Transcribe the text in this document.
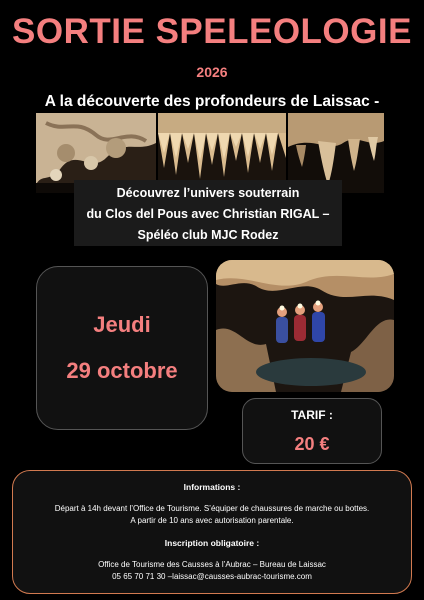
SORTIE SPELEOLOGIE
2026
A la découverte des profondeurs de Laissac -
Découvrez l’univers souterrain
du Clos del Pous avec Christian RIGAL –
Spéléo club MJC Rodez
Jeudi
29 octobre
TARIF :
20 €
Informations :
Départ à 14h devant l’Office de Tourisme. S’équiper de chaussures de marche ou bottes.
A partir de 10 ans avec autorisation parentale.
Inscription obligatoire :
Office de Tourisme des Causses à l’Aubrac – Bureau de Laissac
05 65 70 71 30 –laissac@causses-aubrac-tourisme.com
